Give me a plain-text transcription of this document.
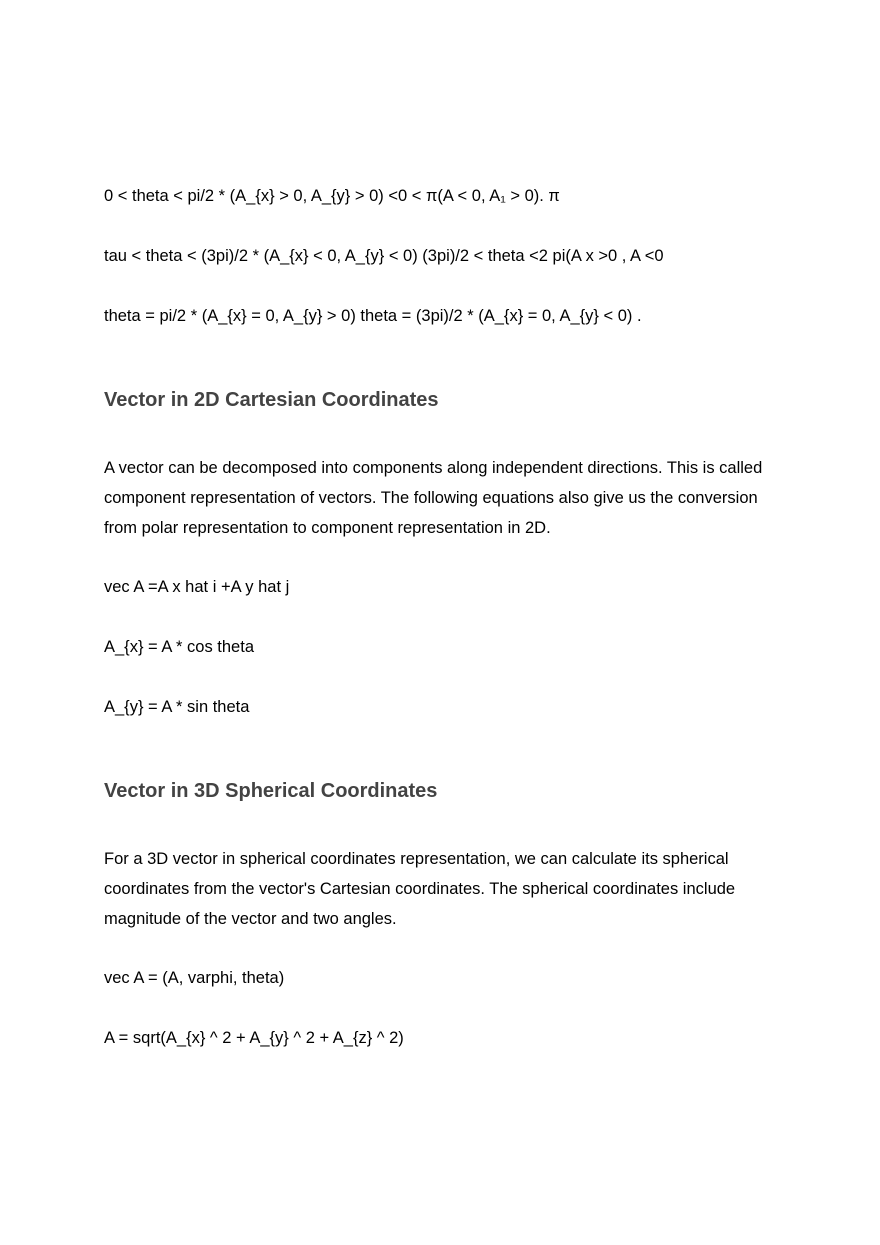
0 < theta < pi/2 * (A_{x} > 0, A_{y} > 0) <0 < π(A < 0, A₁ > 0). π
tau < theta < (3pi)/2 * (A_{x} < 0, A_{y} < 0) (3pi)/2 < theta <2 pi(A x >0 , A <0
theta = pi/2 * (A_{x} = 0, A_{y} > 0) theta = (3pi)/2 * (A_{x} = 0, A_{y} < 0) .
Vector in 2D Cartesian Coordinates
A vector can be decomposed into components along independent directions. This is called component representation of vectors. The following equations also give us the conversion from polar representation to component representation in 2D.
vec A =A x hat i +A y hat j
A_{x} = A * cos theta
A_{y} = A * sin theta
Vector in 3D Spherical Coordinates
For a 3D vector in spherical coordinates representation, we can calculate its spherical coordinates from the vector's Cartesian coordinates. The spherical coordinates include magnitude of the vector and two angles.
vec A = (A, varphi, theta)
A = sqrt(A_{x} ^ 2 + A_{y} ^ 2 + A_{z} ^ 2)
